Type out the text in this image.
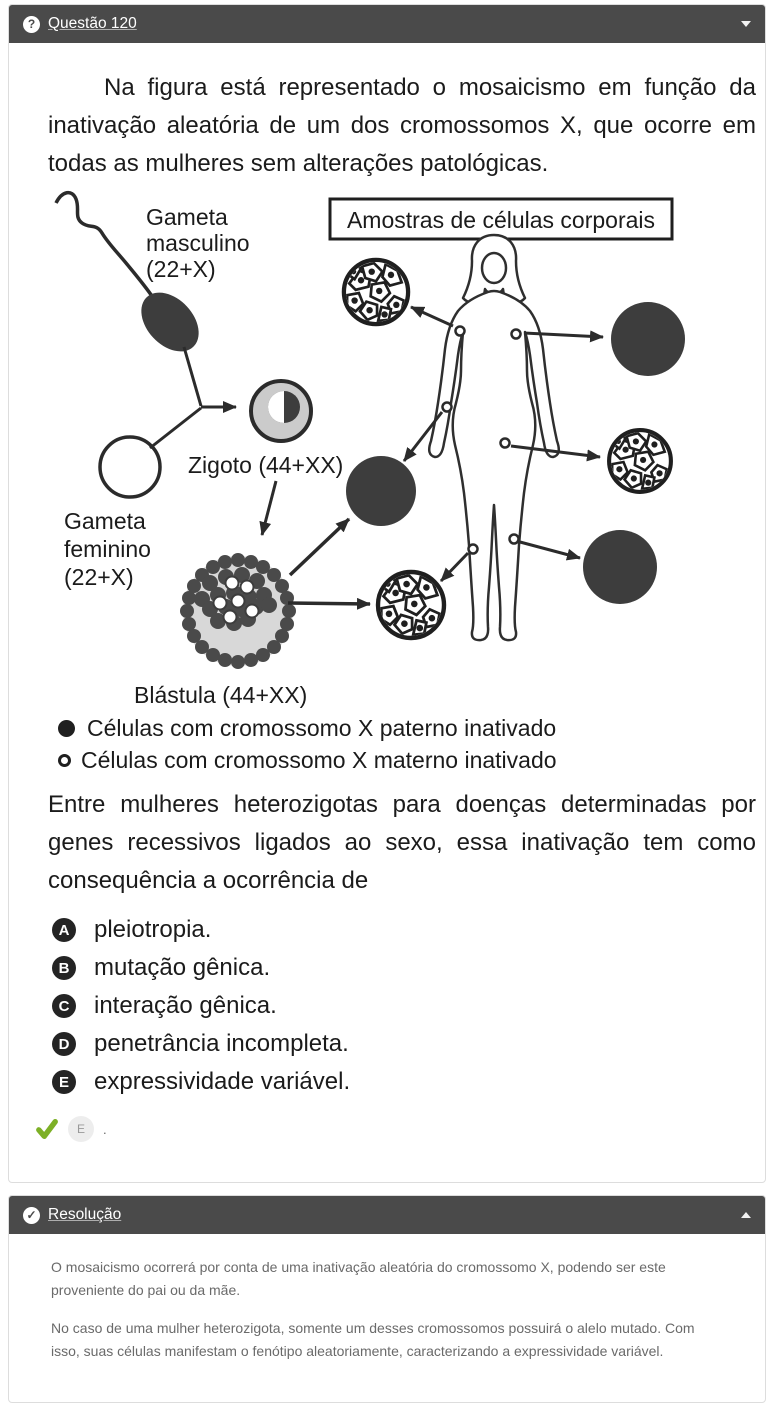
? Questão 120

Na figura está representado o mosaicismo em função da inativação aleatória de um dos cromossomos X, que ocorre em todas as mulheres sem alterações patológicas.

Gameta
masculino
(22+X)
Gameta
feminino
(22+X)
Zigoto (44+XX)
Blástula (44+XX)
Amostras de células corporais
Células com cromossomo X paterno inativado
Células com cromossomo X materno inativado

Entre mulheres heterozigotas para doenças determinadas por genes recessivos ligados ao sexo, essa inativação tem como consequência a ocorrência de

A pleiotropia.
B mutação gênica.
C interação gênica.
D penetrância incompleta.
E expressividade variável.
E	.
✓ Resolução

O mosaicismo ocorrerá por conta de uma inativação aleatória do cromossomo X, podendo ser este proveniente do pai ou da mãe.

No caso de uma mulher heterozigota, somente um desses cromossomos possuirá o alelo mutado. Com isso, suas células manifestam o fenótipo aleatoriamente, caracterizando a expressividade variável.
